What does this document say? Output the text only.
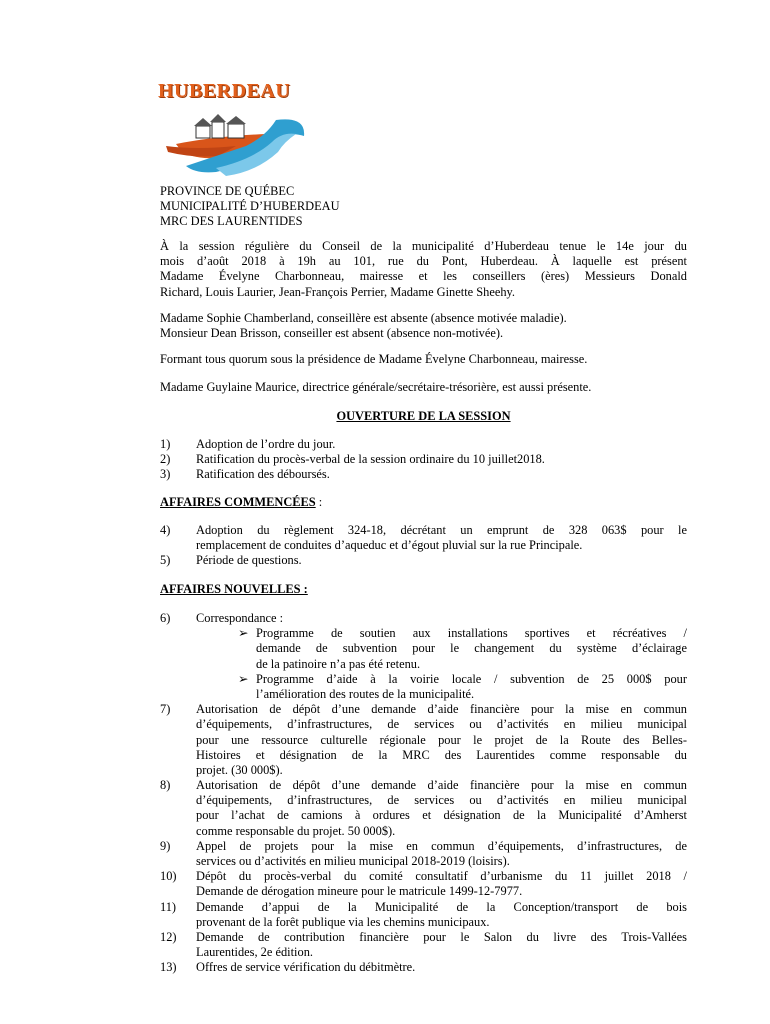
HUBERDEAU
PROVINCE DE QUÉBEC
MUNICIPALITÉ D’HUBERDEAU
MRC DES LAURENTIDES
À la session régulière du Conseil de la municipalité d’Huberdeau tenue le 14e jour du
mois d’août 2018 à 19h au 101, rue du Pont, Huberdeau. À laquelle est présent
Madame Évelyne Charbonneau, mairesse et les conseillers (ères) Messieurs Donald
Richard, Louis Laurier, Jean-François Perrier, Madame Ginette Sheehy.
Madame Sophie Chamberland, conseillère est absente (absence motivée maladie).
Monsieur Dean Brisson, conseiller est absent (absence non-motivée).
Formant tous quorum sous la présidence de Madame Évelyne Charbonneau, mairesse.
Madame Guylaine Maurice, directrice générale/secrétaire-trésorière, est aussi présente.
OUVERTURE DE LA SESSION
1)	Adoption de l’ordre du jour.
2)	Ratification du procès-verbal de la session ordinaire du 10 juillet2018.
3)	Ratification des déboursés.
AFFAIRES COMMENCÉES :
4)	Adoption du règlement 324-18, décrétant un emprunt de 328 063$ pour le
remplacement de conduites d’aqueduc et d’égout pluvial sur la rue Principale.
5)	Période de questions.
AFFAIRES NOUVELLES :
6)	Correspondance :
➢ Programme de soutien aux installations sportives et récréatives /
demande de subvention pour le changement du système d’éclairage
de la patinoire n’a pas été retenu.
➢ Programme d’aide à la voirie locale / subvention de 25 000$ pour
l’amélioration des routes de la municipalité.
7)	Autorisation de dépôt d’une demande d’aide financière pour la mise en commun
d’équipements, d’infrastructures, de services ou d’activités en milieu municipal
pour une ressource culturelle régionale pour le projet de la Route des Belles-
Histoires et désignation de la MRC des Laurentides comme responsable du
projet. (30 000$).
8)	Autorisation de dépôt d’une demande d’aide financière pour la mise en commun
d’équipements, d’infrastructures, de services ou d’activités en milieu municipal
pour l’achat de camions à ordures et désignation de la Municipalité d’Amherst
comme responsable du projet. 50 000$).
9)	Appel de projets pour la mise en commun d’équipements, d’infrastructures, de
services ou d’activités en milieu municipal 2018-2019 (loisirs).
10)	Dépôt du procès-verbal du comité consultatif d’urbanisme du 11 juillet 2018 /
Demande de dérogation mineure pour le matricule 1499-12-7977.
11)	Demande d’appui de la Municipalité de la Conception/transport de bois
provenant de la forêt publique via les chemins municipaux.
12)	Demande de contribution financière pour le Salon du livre des Trois-Vallées
Laurentides, 2e édition.
13)	Offres de service vérification du débitmètre.
